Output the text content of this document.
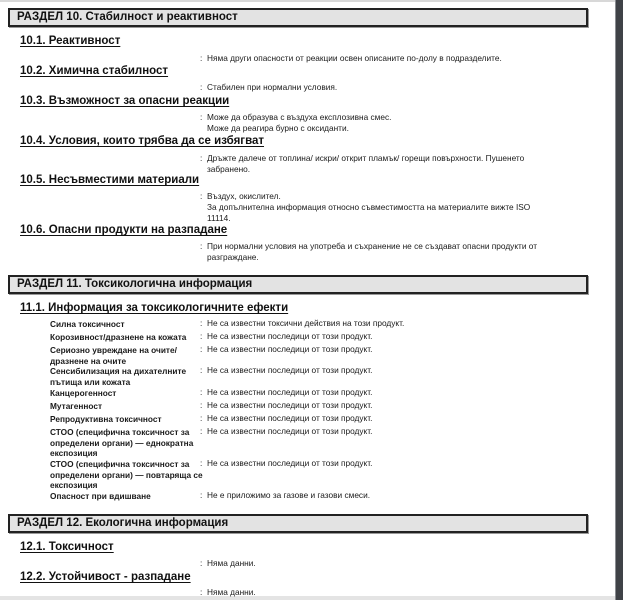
РАЗДЕЛ 10. Стабилност и реактивност
10.1. Реактивност
: Няма други опасности от реакции освен описаните по-долу в подразделите.
10.2. Химична стабилност
: Стабилен при нормални условия.
10.3. Възможност за опасни реакции
: Може да образува с въздуха експлозивна смес.
Може да реагира бурно с оксиданти.
10.4. Условия, които трябва да се избягват
: Дръжте далече от топлина/ искри/ открит пламък/ горещи повърхности. Пушенето
забранено.
10.5. Несъвместими материали
: Въздух, окислител.
За допълнителна информация относно съвместимостта на материалите вижте ISO
11114.
10.6. Опасни продукти на разпадане
: При нормални условия на употреба и съхранение не се създават опасни продукти от
разграждане.
РАЗДЕЛ 11. Токсикологична информация
11.1. Информация за токсикологичните ефекти
Силна токсичност	: Не са известни токсични действия на този продукт.
Корозивност/дразнене на кожата	: Не са известни последици от този продукт.
Сериозно увреждане на очите/ дразнене на очите
: Не са известни последици от този продукт.
Сенсибилизация на дихателните пътища или кожата
: Не са известни последици от този продукт.
Канцерогенност	: Не са известни последици от този продукт.
Мутагенност	: Не са известни последици от този продукт.
Репродуктивна токсичност	: Не са известни последици от този продукт.
СТОО (специфична токсичност за определени органи) — еднократна експозиция
: Не са известни последици от този продукт.
СТОО (специфична токсичност за определени органи) — повтаряща се експозиция
: Не са известни последици от този продукт.
Опасност при вдишване	: Не е приложимо за газове и газови смеси.
РАЗДЕЛ 12. Екологична информация
12.1. Токсичност
: Няма данни.
12.2. Устойчивост - разпадане
: Няма данни.
